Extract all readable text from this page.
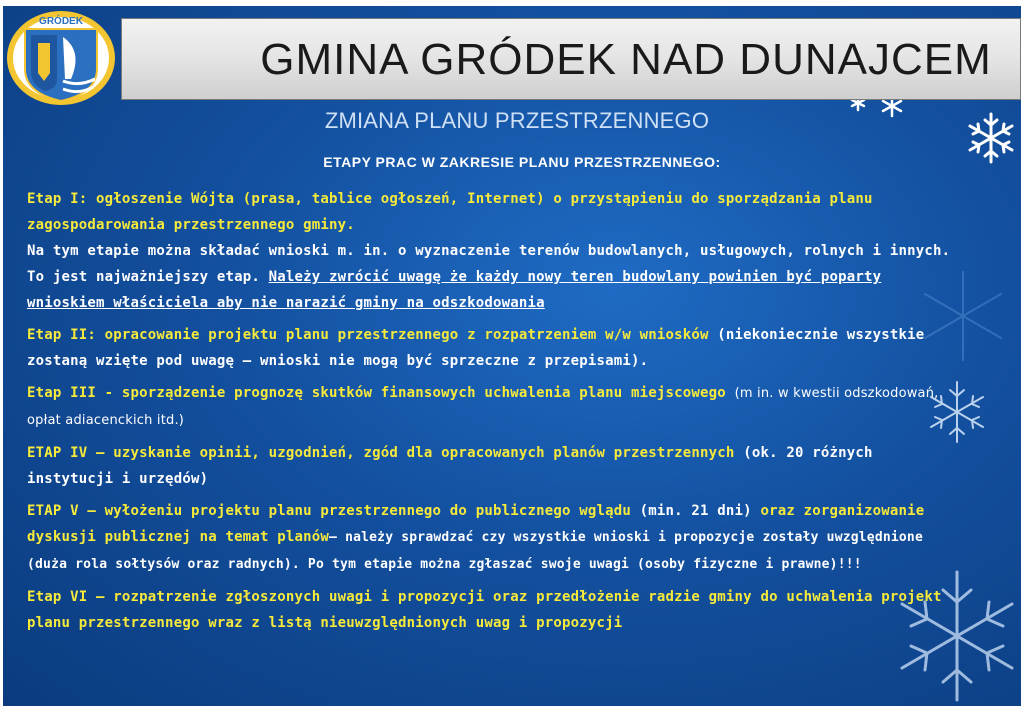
GMINA GRÓDEK NAD DUNAJCEM
GRÓDEK
NAD DUNAJCEM
ZMIANA PLANU PRZESTRZENNEGO
ETAPY PRAC W ZAKRESIE PLANU PRZESTRZENNEGO:

Etap I: ogłoszenie Wójta (prasa, tablice ogłoszeń, Internet) o przystąpieniu do sporządzania planu zagospodarowania przestrzennego gminy.
Na tym etapie można składać wnioski m. in. o wyznaczenie terenów budowlanych, usługowych, rolnych i innych. To jest najważniejszy etap. Należy zwrócić uwagę że każdy nowy teren budowlany powinien być poparty wnioskiem właściciela aby nie narazić gminy na odszkodowania

Etap II: opracowanie projektu planu przestrzennego z rozpatrzeniem w/w wniosków (niekoniecznie wszystkie zostaną wzięte pod uwagę – wnioski nie mogą być sprzeczne z przepisami).

Etap III - sporządzenie prognozę skutków finansowych uchwalenia planu miejscowego (m in. w kwestii odszkodowań, opłat adiacenckich itd.)

ETAP IV – uzyskanie opinii, uzgodnień, zgód dla opracowanych planów przestrzennych (ok. 20 różnych instytucji i urzędów)

ETAP V – wyłożeniu projektu planu przestrzennego do publicznego wglądu (min. 21 dni) oraz zorganizowanie dyskusji publicznej na temat planów– należy sprawdzać czy wszystkie wnioski i propozycje zostały uwzględnione (duża rola sołtysów oraz radnych). Po tym etapie można zgłaszać swoje uwagi (osoby fizyczne i prawne)!!!

Etap VI – rozpatrzenie zgłoszonych uwagi i propozycji oraz przedłożenie radzie gminy do uchwalenia projekt planu przestrzennego wraz z listą nieuwzględnionych uwag i propozycji
